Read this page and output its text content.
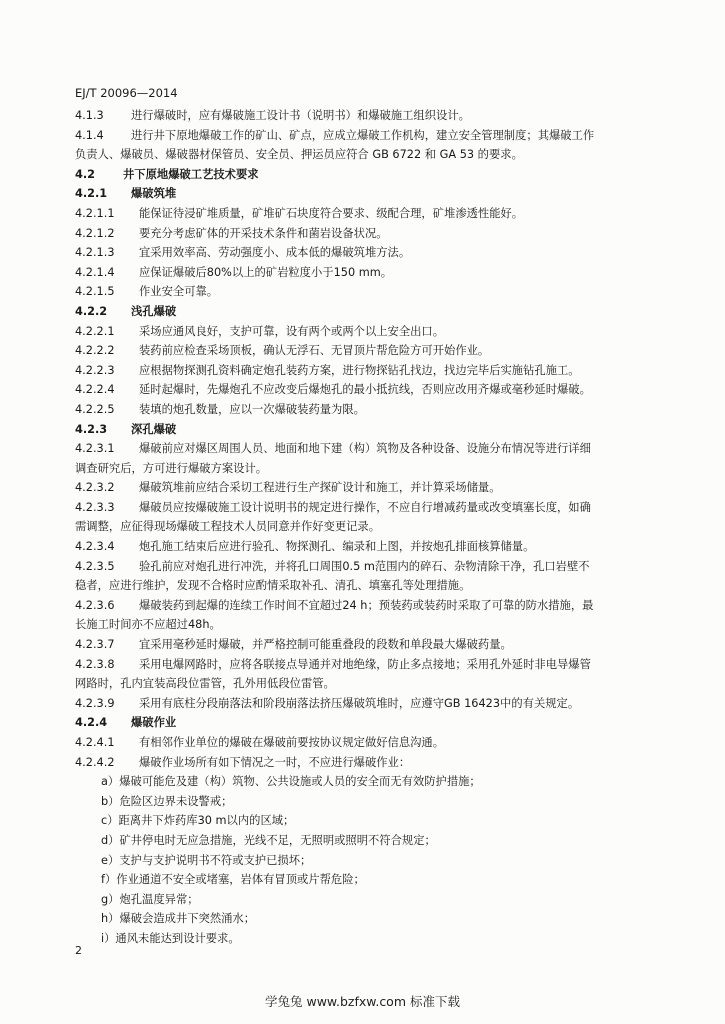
EJ/T 20096—2014
4.1.3 进行爆破时，应有爆破施工设计书（说明书）和爆破施工组织设计。
4.1.4 进行井下原地爆破工作的矿山、矿点，应成立爆破工作机构，建立安全管理制度；其爆破工作
负责人、爆破员、爆破器材保管员、安全员、押运员应符合 GB 6722 和 GA 53 的要求。
4.2 井下原地爆破工艺技术要求
4.2.1 爆破筑堆
4.2.1.1 能保证待浸矿堆质量，矿堆矿石块度符合要求、级配合理，矿堆渗透性能好。
4.2.1.2 要充分考虑矿体的开采技术条件和菌岩设备状况。
4.2.1.3 宜采用效率高、劳动强度小、成本低的爆破筑堆方法。
4.2.1.4 应保证爆破后80%以上的矿岩粒度小于150 mm。
4.2.1.5 作业安全可靠。
4.2.2 浅孔爆破
4.2.2.1 采场应通风良好，支护可靠，设有两个或两个以上安全出口。
4.2.2.2 装药前应检查采场顶板，确认无浮石、无冒顶片帮危险方可开始作业。
4.2.2.3 应根据物探测孔资料确定炮孔装药方案，进行物探钻孔找边，找边完毕后实施钻孔施工。
4.2.2.4 延时起爆时，先爆炮孔不应改变后爆炮孔的最小抵抗线，否则应改用齐爆或毫秒延时爆破。
4.2.2.5 装填的炮孔数量，应以一次爆破装药量为限。
4.2.3 深孔爆破
4.2.3.1 爆破前应对爆区周围人员、地面和地下建（构）筑物及各种设备、设施分布情况等进行详细
调查研究后，方可进行爆破方案设计。
4.2.3.2 爆破筑堆前应结合采切工程进行生产探矿设计和施工，并计算采场储量。
4.2.3.3 爆破员应按爆破施工设计说明书的规定进行操作，不应自行增减药量或改变填塞长度，如确
需调整，应征得现场爆破工程技术人员同意并作好变更记录。
4.2.3.4 炮孔施工结束后应进行验孔、物探测孔、编录和上图，并按炮孔排面核算储量。
4.2.3.5 验孔前应对炮孔进行冲洗，并将孔口周围0.5 m范围内的碎石、杂物清除干净，孔口岩壁不
稳者，应进行维护，发现不合格时应酌情采取补孔、清孔、填塞孔等处理措施。
4.2.3.6 爆破装药到起爆的连续工作时间不宜超过24 h；预装药或装药时采取了可靠的防水措施，最
长施工时间亦不应超过48h。
4.2.3.7 宜采用毫秒延时爆破，并严格控制可能重叠段的段数和单段最大爆破药量。
4.2.3.8 采用电爆网路时，应将各联接点导通并对地绝缘，防止多点接地；采用孔外延时非电导爆管
网路时，孔内宜装高段位雷管，孔外用低段位雷管。
4.2.3.9 采用有底柱分段崩落法和阶段崩落法挤压爆破筑堆时，应遵守GB 16423中的有关规定。
4.2.4 爆破作业
4.2.4.1 有相邻作业单位的爆破在爆破前要按协议规定做好信息沟通。
4.2.4.2 爆破作业场所有如下情况之一时，不应进行爆破作业：
a）爆破可能危及建（构）筑物、公共设施或人员的安全而无有效防护措施；
b）危险区边界未设警戒；
c）距离井下炸药库30 m以内的区域；
d）矿井停电时无应急措施，光线不足，无照明或照明不符合规定；
e）支护与支护说明书不符或支护已损坏；
f）作业通道不安全或堵塞，岩体有冒顶或片帮危险；
g）炮孔温度异常；
h）爆破会造成井下突然涌水；
i）通风未能达到设计要求。
2
学兔兔 www.bzfxw.com 标准下载
